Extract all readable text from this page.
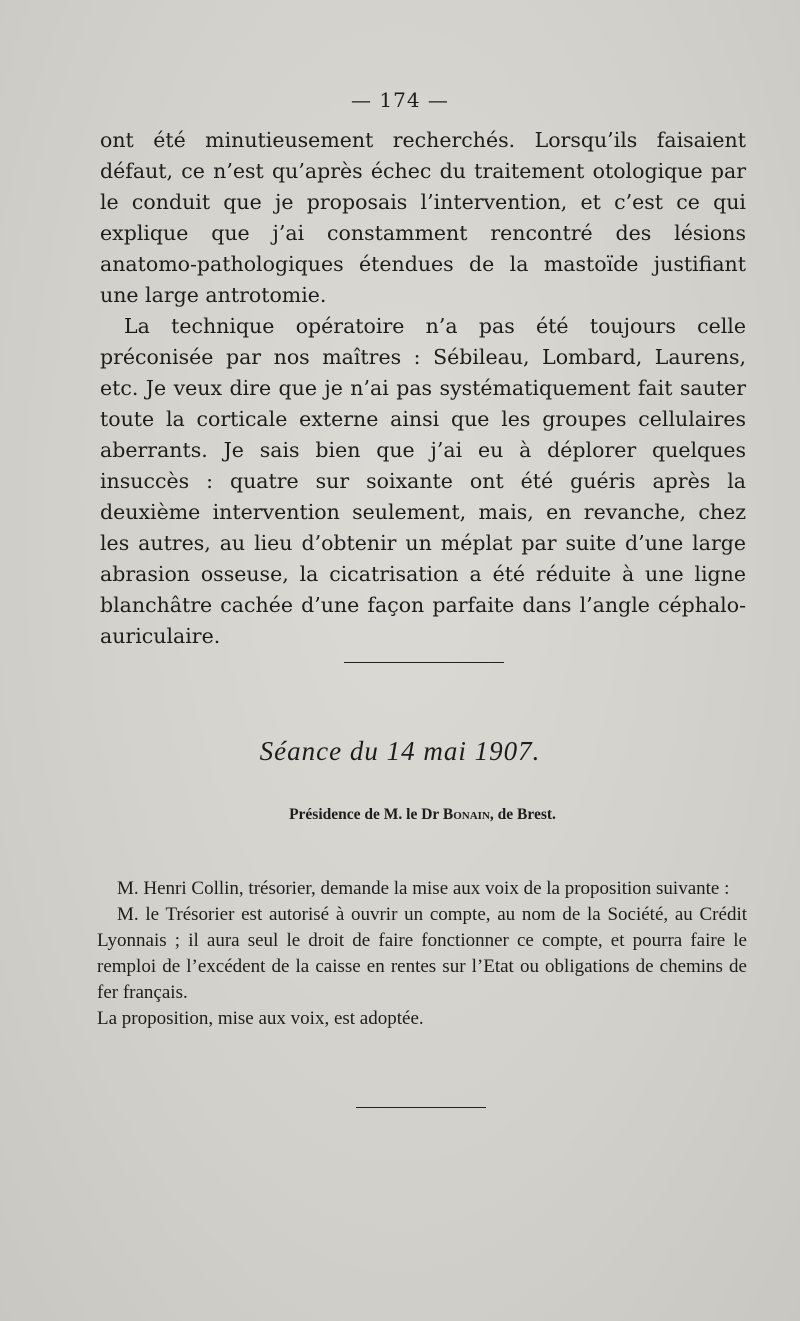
— 174 —

ont été minutieusement recherchés. Lorsqu’ils faisaient défaut, ce n’est qu’après échec du traitement otologique par le conduit que je proposais l’intervention, et c’est ce qui explique que j’ai constamment rencontré des lésions anatomo-pathologiques étendues de la mastoïde justifiant une large antrotomie.

La technique opératoire n’a pas été toujours celle préconisée par nos maîtres : Sébileau, Lombard, Laurens, etc. Je veux dire que je n’ai pas systématiquement fait sauter toute la corticale externe ainsi que les groupes cellulaires aberrants. Je sais bien que j’ai eu à déplorer quelques insuccès : quatre sur soixante ont été guéris après la deuxième intervention seulement, mais, en revanche, chez les autres, au lieu d’obtenir un méplat par suite d’une large abrasion osseuse, la cicatrisation a été réduite à une ligne blanchâtre cachée d’une façon parfaite dans l’angle céphalo-auriculaire.

Séance du 14 mai 1907.
Présidence de M. le Dr Bonain, de Brest.

M. Henri Collin, trésorier, demande la mise aux voix de la proposition suivante :

M. le Trésorier est autorisé à ouvrir un compte, au nom de la Société, au Crédit Lyonnais ; il aura seul le droit de faire fonctionner ce compte, et pourra faire le remploi de l’excédent de la caisse en rentes sur l’Etat ou obligations de chemins de fer français.

La proposition, mise aux voix, est adoptée.
